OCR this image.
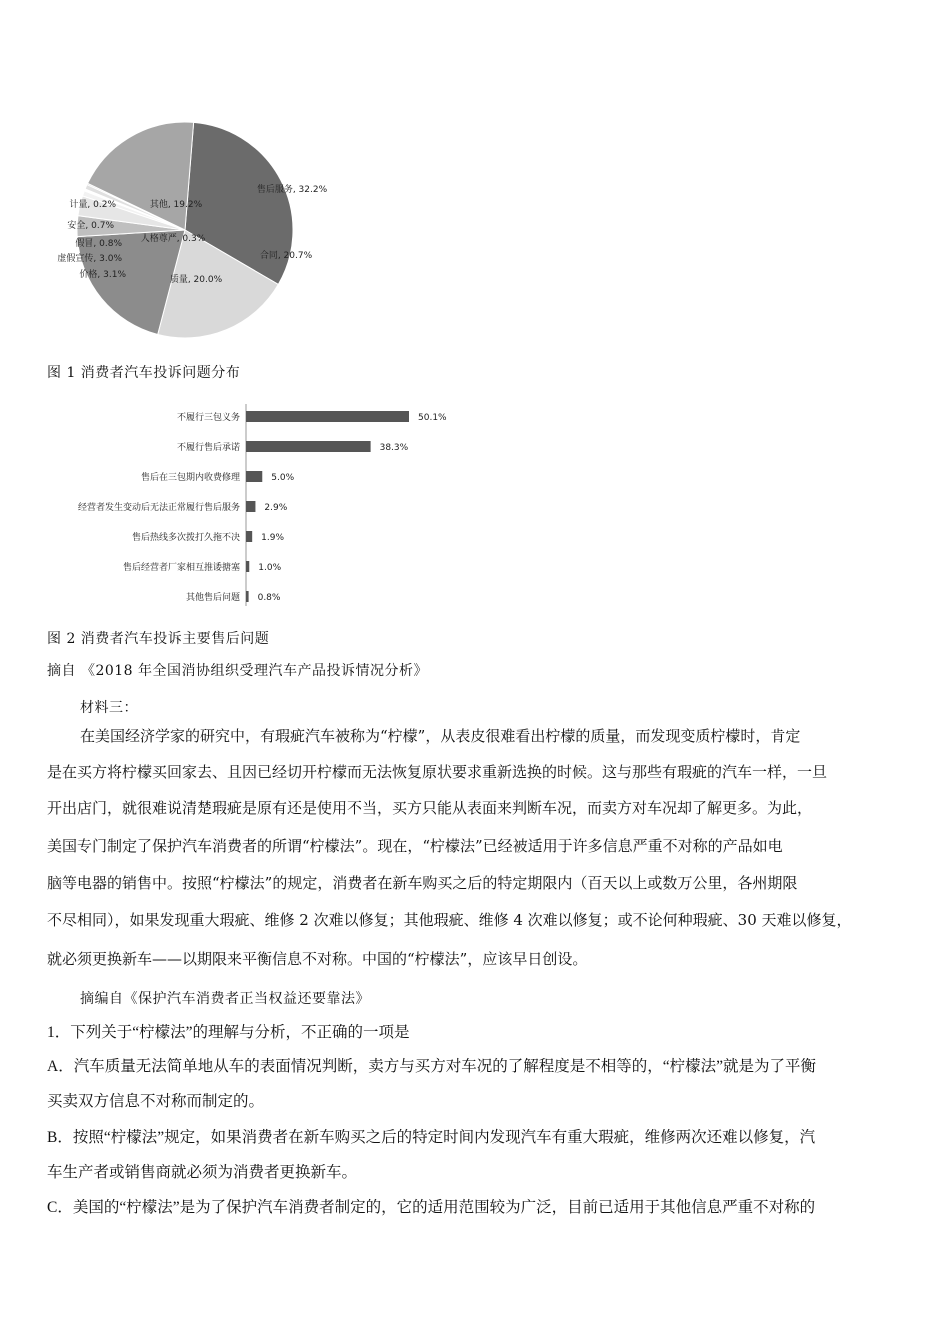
售后服务, 32.2%
合同, 20.7%
质量, 20.0%
价格, 3.1%
虚假宣传, 3.0%
假冒, 0.8% 人格尊严, 0.3%
安全, 0.7%
计量, 0.2%	其他, 19.2%
图 1 消费者汽车投诉问题分布
不履行三包义务	50.1%
不履行售后承诺	38.3%
售后在三包期内收费修理	5.0%
经营者发生变动后无法正常履行售后服务	2.9%
售后热线多次拨打久拖不决 1.9%
售后经营者厂家相互推诿搪塞 1.0%
其他售后问题 0.8%
图 2 消费者汽车投诉主要售后问题
摘自 《2018 年全国消协组织受理汽车产品投诉情况分析》
材料三：
在美国经济学家的研究中，有瑕疵汽车被称为“柠檬”，从表皮很难看出柠檬的质量，而发现变质柠檬时，肯定
是在买方将柠檬买回家去、且因已经切开柠檬而无法恢复原状要求重新选换的时候。这与那些有瑕疵的汽车一样，一旦
开出店门，就很难说清楚瑕疵是原有还是使用不当，买方只能从表面来判断车况，而卖方对车况却了解更多。为此，
美国专门制定了保护汽车消费者的所谓“柠檬法”。现在，“柠檬法”已经被适用于许多信息严重不对称的产品如电
脑等电器的销售中。按照“柠檬法”的规定，消费者在新车购买之后的特定期限内（百天以上或数万公里，各州期限
不尽相同），如果发现重大瑕疵、维修 2 次难以修复；其他瑕疵、维修 4 次难以修复；或不论何种瑕疵、30 天难以修复，
就必须更换新车——以期限来平衡信息不对称。中国的“柠檬法”，应该早日创设。
摘编自《保护汽车消费者正当权益还要靠法》
1．下列关于“柠檬法”的理解与分析，不正确的一项是
A．汽车质量无法简单地从车的表面情况判断，卖方与买方对车况的了解程度是不相等的，“柠檬法”就是为了平衡
买卖双方信息不对称而制定的。
B．按照“柠檬法”规定，如果消费者在新车购买之后的特定时间内发现汽车有重大瑕疵，维修两次还难以修复，汽
车生产者或销售商就必须为消费者更换新车。
C．美国的“柠檬法”是为了保护汽车消费者制定的，它的适用范围较为广泛，目前已适用于其他信息严重不对称的
